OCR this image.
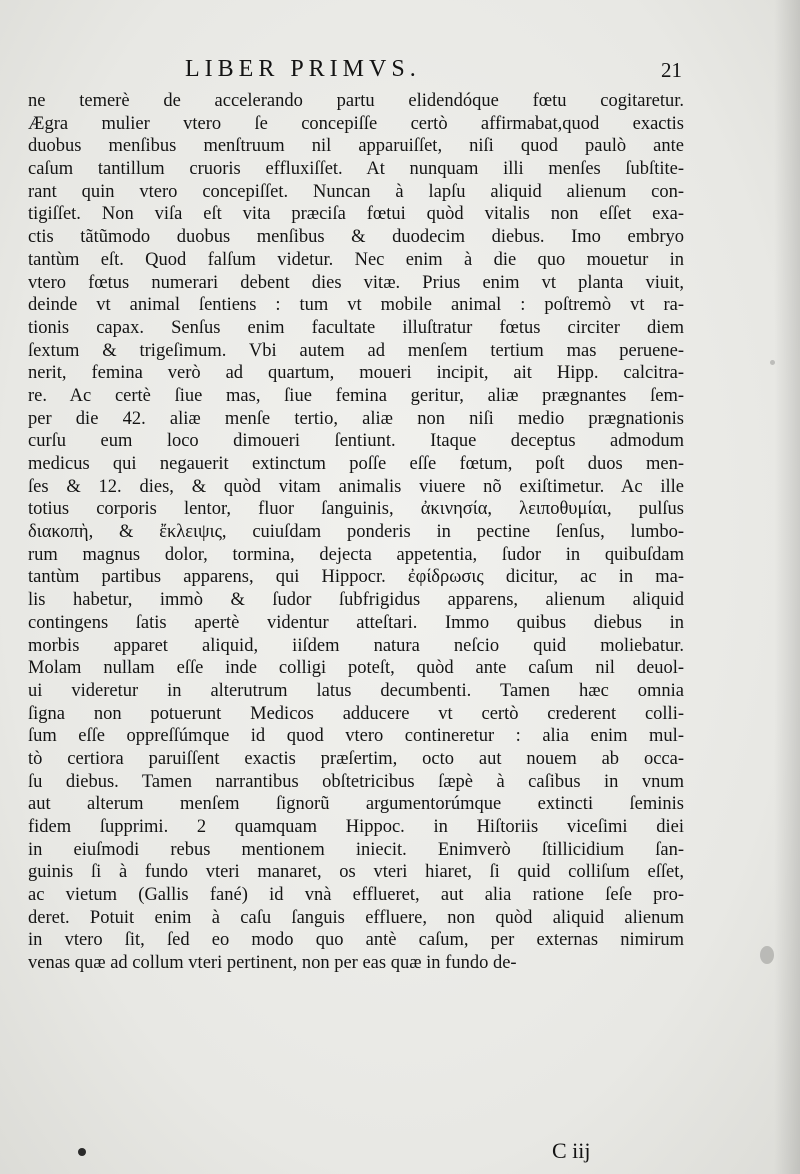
LIBER PRIMVS.	21
ne temerè de accelerando partu elidendóque fœtu cogitaretur.
Ægra mulier vtero ſe concepiſſe certò affirmabat,quod exactis
duobus menſibus menſtruum nil apparuiſſet, niſi quod paulò ante
caſum tantillum cruoris effluxiſſet. At nunquam illi menſes ſubſtite-
rant quin vtero concepiſſet. Nuncan à lapſu aliquid alienum con-
tigiſſet. Non viſa eſt vita præciſa fœtui quòd vitalis non eſſet exa-
ctis tãtũmodo duobus menſibus & duodecim diebus. Imo embryo
tantùm eſt. Quod falſum videtur. Nec enim à die quo mouetur in
vtero fœtus numerari debent dies vitæ. Prius enim vt planta viuit,
deinde vt animal ſentiens : tum vt mobile animal : poſtremò vt ra-
tionis capax. Senſus enim facultate illuſtratur fœtus circiter diem
ſextum & trigeſimum. Vbi autem ad menſem tertium mas peruene-
nerit, femina verò ad quartum, moueri incipit, ait Hipp. calcitra-
re. Ac certè ſiue mas, ſiue femina geritur, aliæ prægnantes ſem-
per die 42. aliæ menſe tertio, aliæ non niſi medio prægnationis
curſu eum loco dimoueri ſentiunt. Itaque deceptus admodum
medicus qui negauerit extinctum poſſe eſſe fœtum, poſt duos men-
ſes & 12. dies, & quòd vitam animalis viuere nõ exiſtimetur. Ac ille
totius corporis lentor, fluor ſanguinis, ἀκινησία, λειποθυμίαι, pulſus
διακοπὴ, & ἔκλειψις, cuiuſdam ponderis in pectine ſenſus, lumbo-
rum magnus dolor, tormina, dejecta appetentia, ſudor in quibuſdam
tantùm partibus apparens, qui Hippocr. ἐφίδρωσις dicitur, ac in ma-
lis habetur, immò & ſudor ſubfrigidus apparens, alienum aliquid
contingens ſatis apertè videntur atteſtari. Immo quibus diebus in
morbis apparet aliquid, iiſdem natura neſcio quid moliebatur.
Molam nullam eſſe inde colligi poteſt, quòd ante caſum nil deuol-
ui videretur in alterutrum latus decumbenti. Tamen hæc omnia
ſigna non potuerunt Medicos adducere vt certò crederent colli-
ſum eſſe oppreſſúmque id quod vtero contineretur : alia enim mul-
tò certiora paruiſſent exactis præſertim, octo aut nouem ab occa-
ſu diebus. Tamen narrantibus obſtetricibus ſæpè à caſibus in vnum
aut alterum menſem ſignorũ argumentorúmque extincti ſeminis
fidem ſupprimi. 2 quamquam Hippoc. in Hiſtoriis viceſimi diei
in eiuſmodi rebus mentionem iniecit. Enimverò ſtillicidium ſan-
guinis ſi à fundo vteri manaret, os vteri hiaret, ſi quid colliſum eſſet,
ac vietum (Gallis fané) id vnà efflueret, aut alia ratione ſeſe pro-
deret. Potuit enim à caſu ſanguis effluere, non quòd aliquid alienum
in vtero ſit, ſed eo modo quo antè caſum, per externas nimirum
venas quæ ad collum vteri pertinent, non per eas quæ in fundo de-
C iij
